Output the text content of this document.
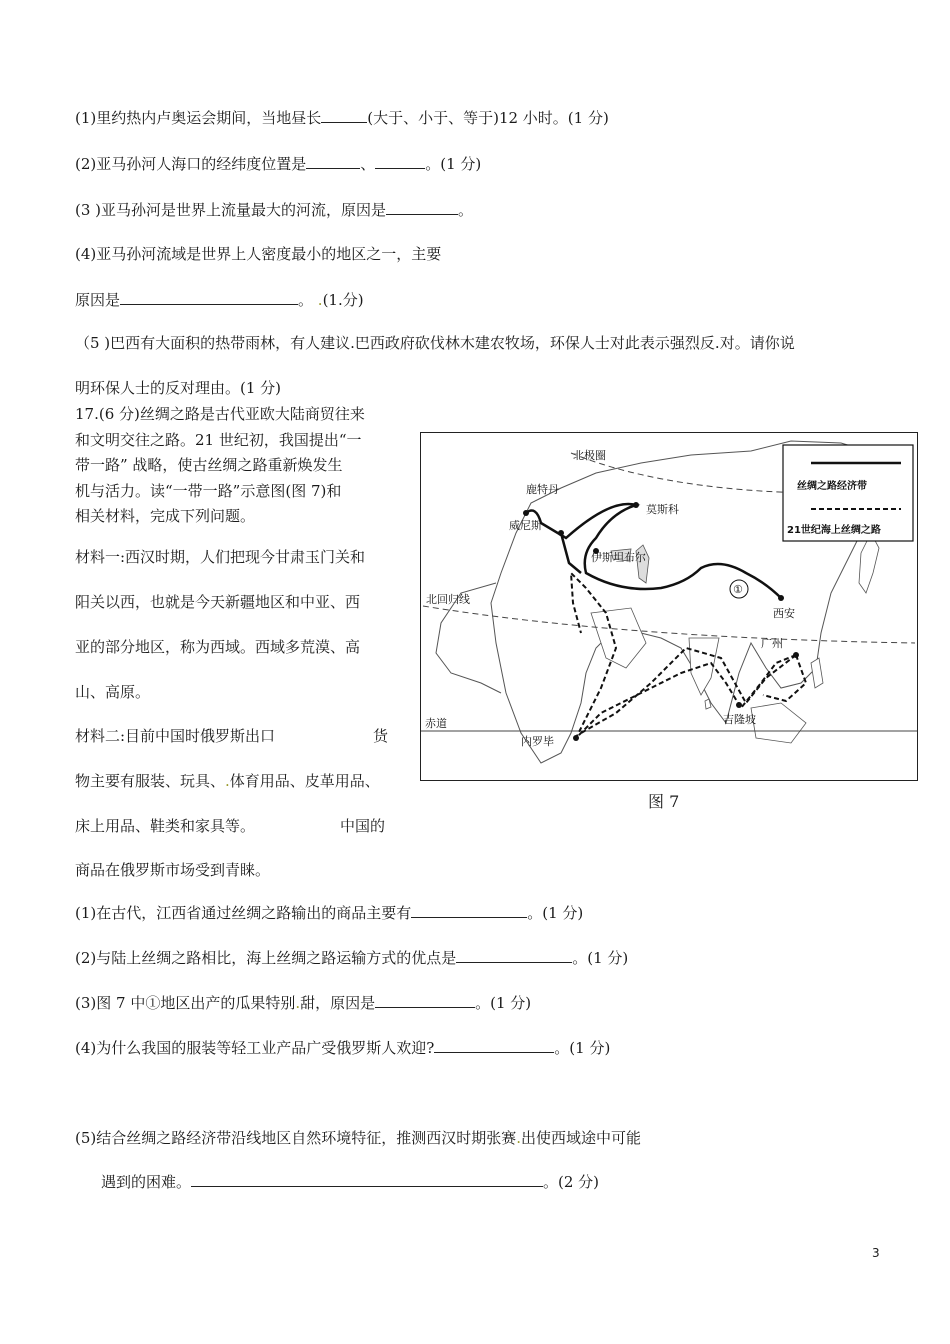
(1)里约热内卢奥运会期间，当地昼长	(大于、小于、等于)12 小时。(1 分)
(2)亚马孙河人海口的经纬度位置是	、	。(1 分)
(3 )亚马孙河是世界上流量最大的河流，原因是	。
(4)亚马孙河流域是世界上人密度最小的地区之一，主要
原因是	。 .(1.分)
（5 )巴西有大面积的热带雨林，有人建议.巴西政府砍伐林木建农牧场，环保人士对此表示强烈反.对。请你说
明环保人士的反对理由。(1 分)
17.(6 分)丝绸之路是古代亚欧大陆商贸往来
和文明交往之路。21 世纪初，我国提出“一
带一路” 战略，使古丝绸之路重新焕发生
机与活力。读“一带一路”示意图(图 7)和
相关材料，完成下列问题。
材料一:西汉时期，人们把现今甘肃玉门关和
阳关以西，也就是今天新疆地区和中亚、西
亚的部分地区，称为西域。西域多荒漠、高
山、高原。
材料二:目前中国时俄罗斯出口	货
物主要有服装、玩具、.体育用品、皮革用品、
床上用品、鞋类和家具等。	中国的
商品在俄罗斯市场受到青睐。
北极圈
鹿特丹
莫斯科
威尼斯
伊斯坦布尔
①
西安
北回归线
广州
吉隆坡
赤道
内罗毕
丝绸之路经济带
21世纪海上丝绸之路
图 7
(1)在古代，江西省通过丝绸之路输出的商品主要有	。(1 分)
(2)与陆上丝绸之路相比，海上丝绸之路运输方式的优点是	。(1 分)
(3)图 7 中①地区出产的瓜果特别.甜，原因是	。(1 分)
(4)为什么我国的服装等轻工业产品广受俄罗斯人欢迎?	。(1 分)
(5)结合丝绸之路经济带沿线地区自然环境特征，推测西汉时期张赛.出使西域途中可能
遇到的困难。	。(2 分)
3
